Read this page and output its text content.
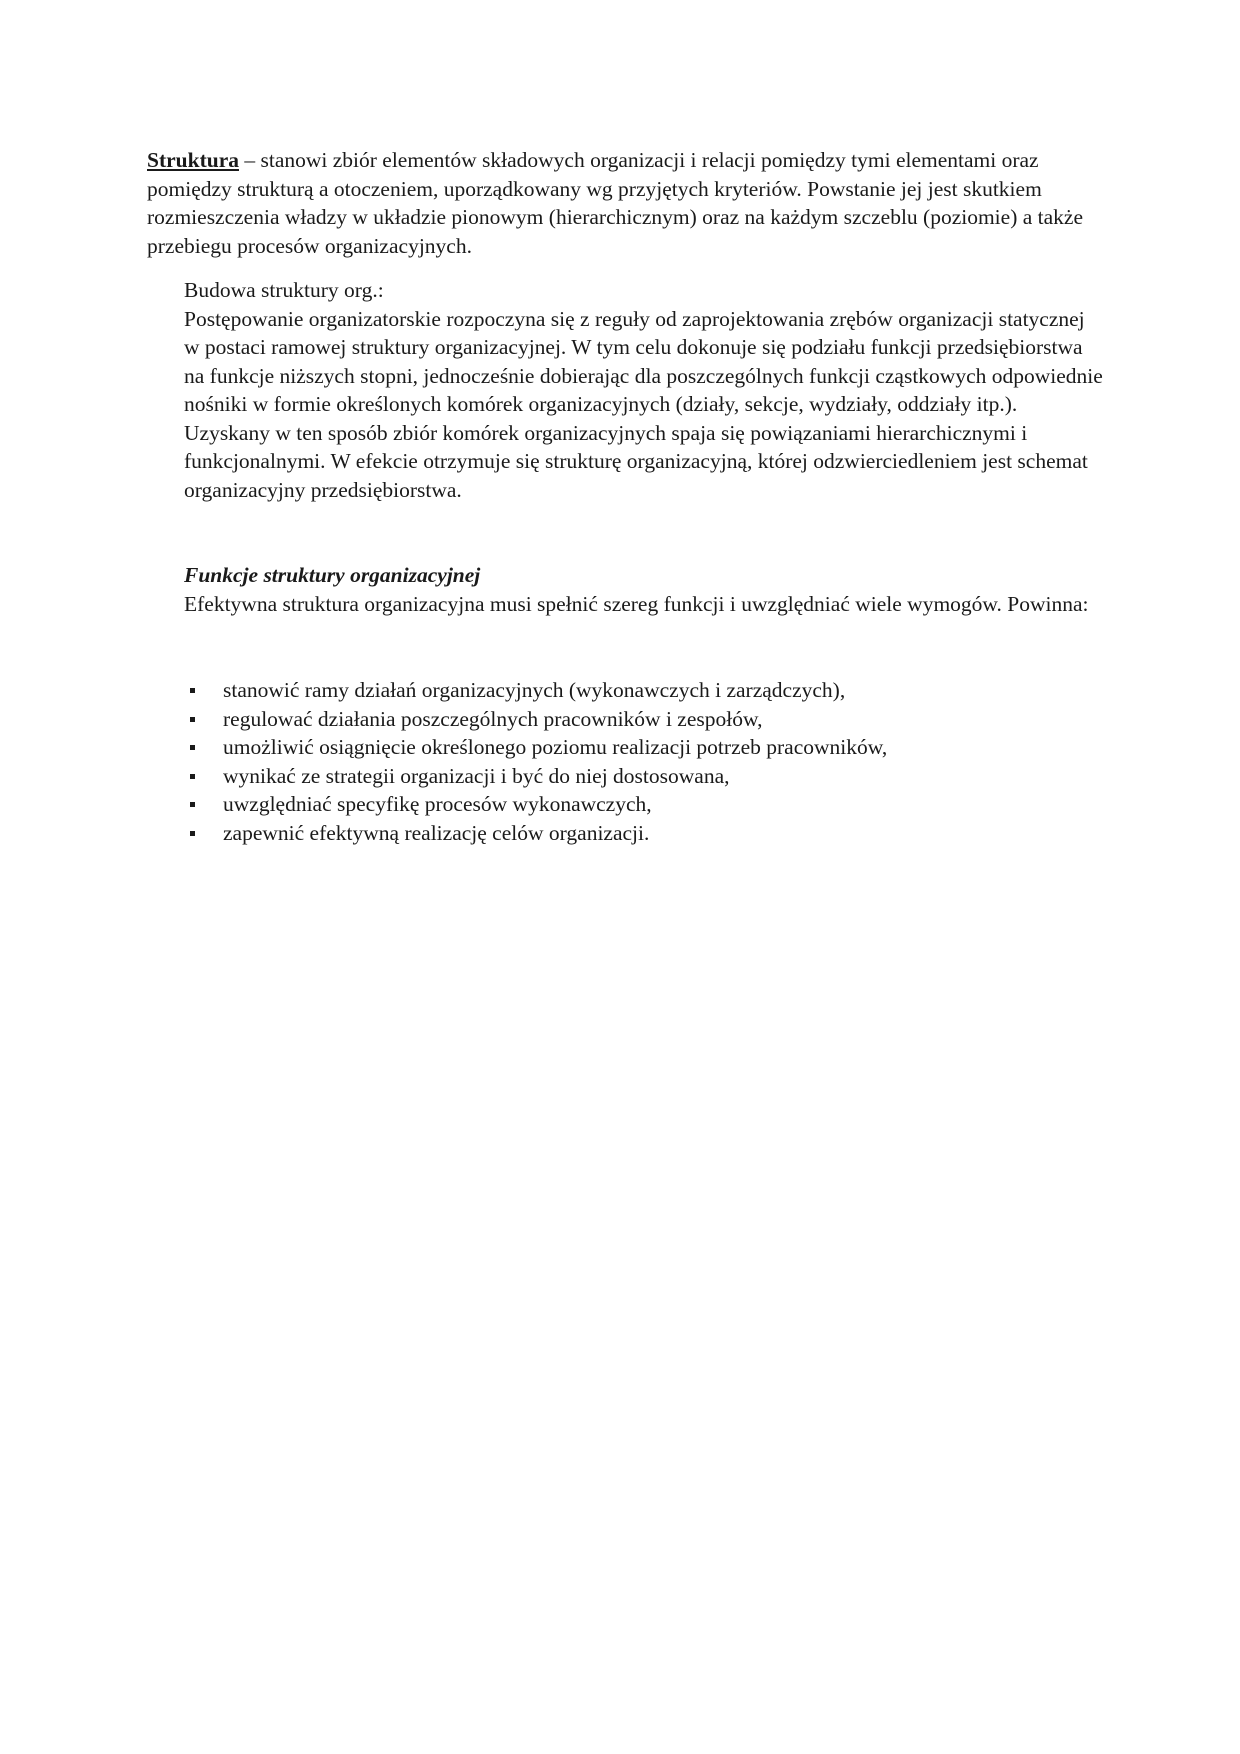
Struktura – stanowi zbiór elementów składowych organizacji i relacji pomiędzy tymi elementami oraz pomiędzy strukturą a otoczeniem, uporządkowany wg przyjętych kryteriów. Powstanie jej jest skutkiem rozmieszczenia władzy w układzie pionowym (hierarchicznym) oraz na każdym szczeblu (poziomie) a także przebiegu procesów organizacyjnych.

Budowa struktury org.:

Postępowanie organizatorskie rozpoczyna się z reguły od zaprojektowania zrębów organizacji statycznej w postaci ramowej struktury organizacyjnej. W tym celu dokonuje się podziału funkcji przedsiębiorstwa na funkcje niższych stopni, jednocześnie dobierając dla poszczególnych funkcji cząstkowych odpowiednie nośniki w formie określonych komórek organizacyjnych (działy, sekcje, wydziały, oddziały itp.). Uzyskany w ten sposób zbiór komórek organizacyjnych spaja się powiązaniami hierarchicznymi i funkcjonalnymi. W efekcie otrzymuje się strukturę organizacyjną, której odzwierciedleniem jest schemat organizacyjny przedsiębiorstwa.

Funkcje struktury organizacyjnej

Efektywna struktura organizacyjna musi spełnić szereg funkcji i uwzględniać wiele wymogów. Powinna:

stanowić ramy działań organizacyjnych (wykonawczych i zarządczych),
regulować działania poszczególnych pracowników i zespołów,
umożliwić osiągnięcie określonego poziomu realizacji potrzeb pracowników,
wynikać ze strategii organizacji i być do niej dostosowana,
uwzględniać specyfikę procesów wykonawczych,
zapewnić efektywną realizację celów organizacji.
